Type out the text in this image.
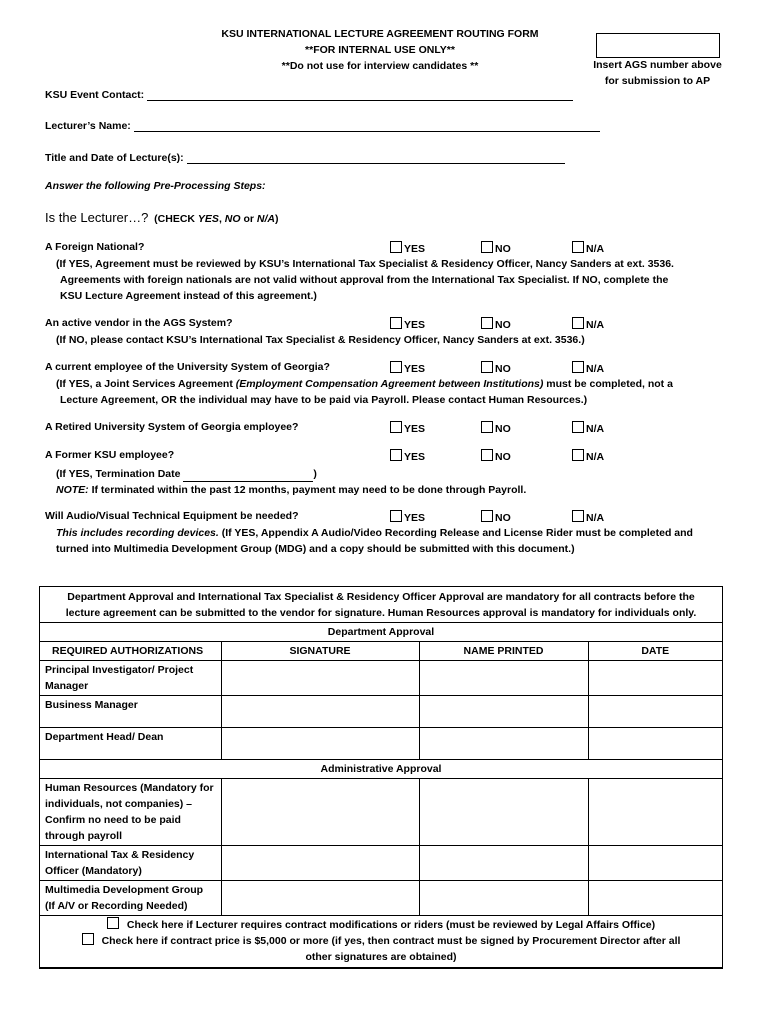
KSU INTERNATIONAL LECTURE AGREEMENT ROUTING FORM
**FOR INTERNAL USE ONLY**
**Do not use for interview candidates **	Insert AGS number above
for submission to AP
KSU Event Contact:
Lecturer’s Name:
Title and Date of Lecture(s):
Answer the following Pre-Processing Steps:
Is the Lecturer…? (CHECK YES, NO or N/A)
A Foreign National?	YES	NO	N/A
(If YES, Agreement must be reviewed by KSU’s International Tax Specialist & Residency Officer, Nancy Sanders at ext. 3536.
Agreements with foreign nationals are not valid without approval from the International Tax Specialist. If NO, complete the
KSU Lecture Agreement instead of this agreement.)
An active vendor in the AGS System?	YES	NO	N/A
(If NO, please contact KSU’s International Tax Specialist & Residency Officer, Nancy Sanders at ext. 3536.)
A current employee of the University System of Georgia?	YES	NO	N/A
(If YES, a Joint Services Agreement (Employment Compensation Agreement between Institutions) must be completed, not a
Lecture Agreement, OR the individual may have to be paid via Payroll. Please contact Human Resources.)
A Retired University System of Georgia employee?	YES	NO	N/A
A Former KSU employee?	YES	NO	N/A
(If YES, Termination Date	)
NOTE: If terminated within the past 12 months, payment may need to be done through Payroll.
Will Audio/Visual Technical Equipment be needed?	YES	NO	N/A
This includes recording devices. (If YES, Appendix A Audio/Video Recording Release and License Rider must be completed and
turned into Multimedia Development Group (MDG) and a copy should be submitted with this document.)
Department Approval and International Tax Specialist & Residency Officer Approval are mandatory for all contracts before the
lecture agreement can be submitted to the vendor for signature. Human Resources approval is mandatory for individuals only.
Department Approval			
REQUIRED AUTHORIZATIONS	SIGNATURE	NAME PRINTED	DATE
Principal Investigator/ Project Manager			
Business Manager			
Department Head/ Dean			
Administrative Approval			
Human Resources (Mandatory for individuals, not companies) – Confirm no need to be paid through payroll			
International Tax & Residency Officer (Mandatory)			
Multimedia Development Group (If A/V or Recording Needed)			

Check here if Lecturer requires contract modifications or riders (must be reviewed by Legal Affairs Office)
Check here if contract price is $5,000 or more (if yes, then contract must be signed by Procurement Director after all
other signatures are obtained)			
